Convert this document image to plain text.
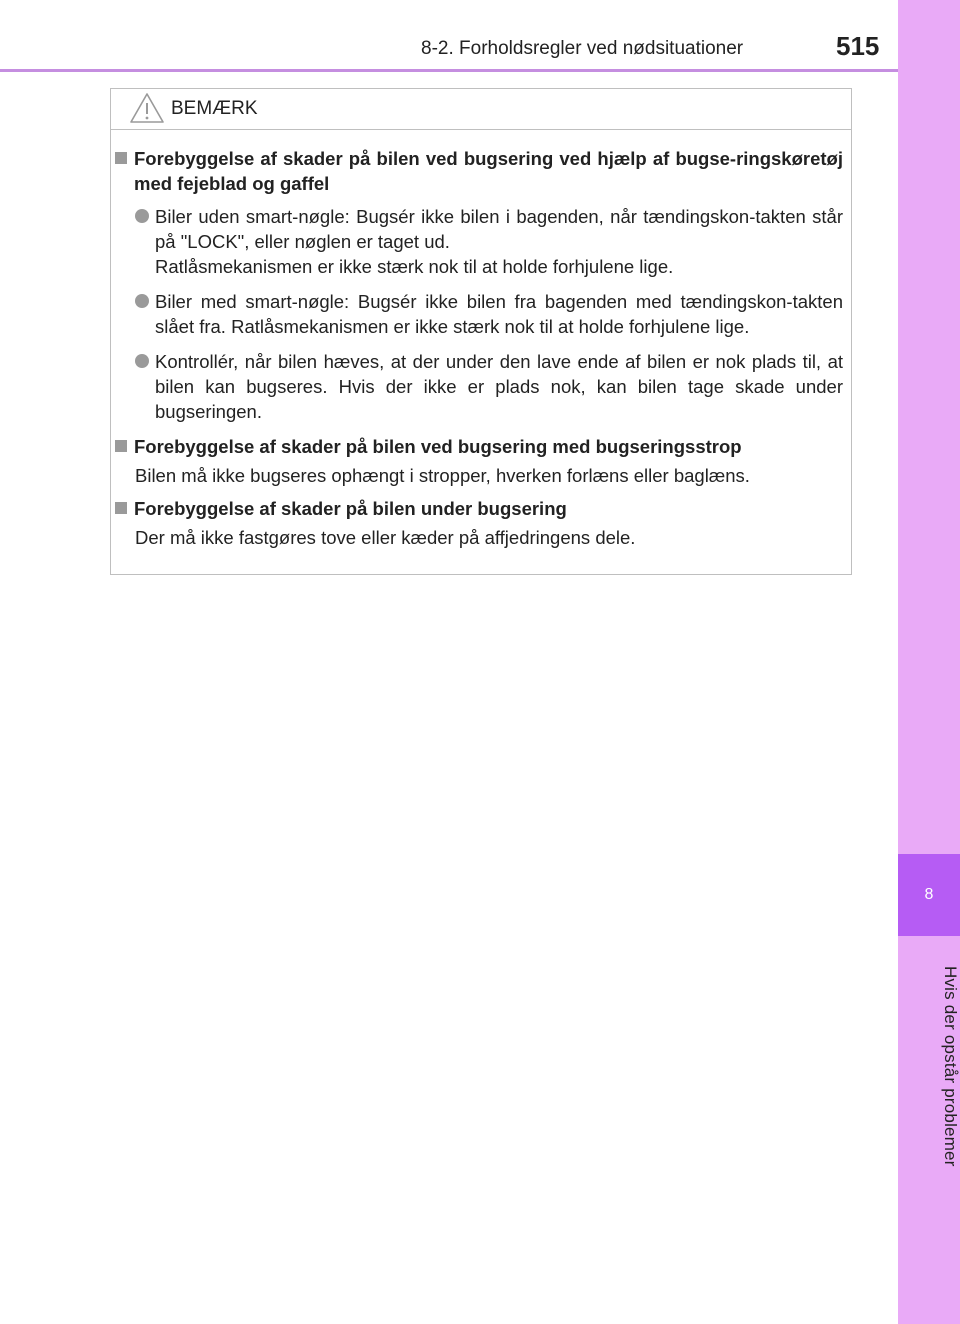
8-2. Forholdsregler ved nødsituationer	515
8
Hvis der opstår problemer
BEMÆRK
Forebyggelse af skader på bilen ved bugsering ved hjælp af bugse-ringskøretøj med fejeblad og gaffel
Biler uden smart-nøgle: Bugsér ikke bilen i bagenden, når tændingskon-takten står på "LOCK", eller nøglen er taget ud.
Ratlåsmekanismen er ikke stærk nok til at holde forhjulene lige.
Biler med smart-nøgle: Bugsér ikke bilen fra bagenden med tændingskon-takten slået fra. Ratlåsmekanismen er ikke stærk nok til at holde forhjulene lige.
Kontrollér, når bilen hæves, at der under den lave ende af bilen er nok plads til, at bilen kan bugseres. Hvis der ikke er plads nok, kan bilen tage skade under bugseringen.
Forebyggelse af skader på bilen ved bugsering med bugseringsstrop
Bilen må ikke bugseres ophængt i stropper, hverken forlæns eller baglæns.
Forebyggelse af skader på bilen under bugsering
Der må ikke fastgøres tove eller kæder på affjedringens dele.
